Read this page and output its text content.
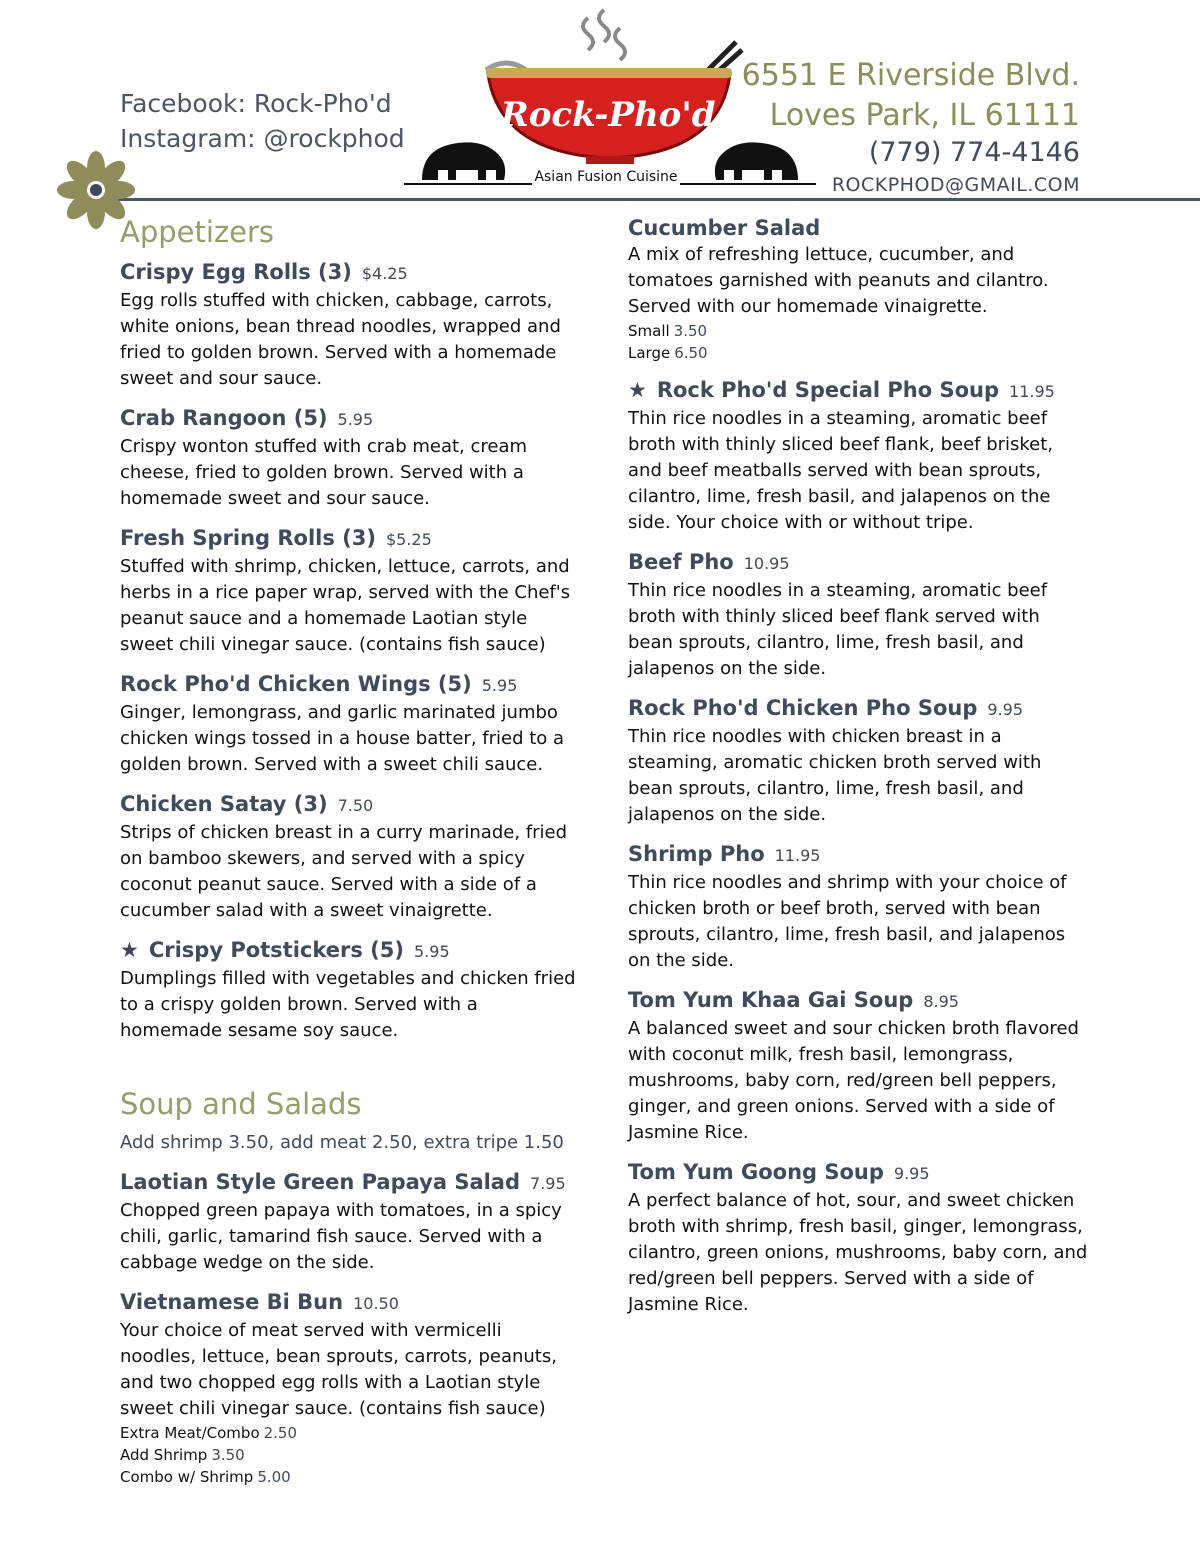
Facebook: Rock-Pho'd
Instagram: @rockphod
Rock-Pho'd
Asian Fusion Cuisine
6551 E Riverside Blvd.
Loves Park, IL 61111
(779) 774-4146
ROCKPHOD@GMAIL.COM
Appetizers
Crispy Egg Rolls (3) $4.25
Egg rolls stuffed with chicken, cabbage, carrots, white onions, bean thread noodles, wrapped and fried to golden brown. Served with a homemade sweet and sour sauce.
Crab Rangoon (5) 5.95
Crispy wonton stuffed with crab meat, cream cheese, fried to golden brown. Served with a homemade sweet and sour sauce.
Fresh Spring Rolls (3) $5.25
Stuffed with shrimp, chicken, lettuce, carrots, and herbs in a rice paper wrap, served with the Chef's peanut sauce and a homemade Laotian style sweet chili vinegar sauce. (contains fish sauce)
Rock Pho'd Chicken Wings (5) 5.95
Ginger, lemongrass, and garlic marinated jumbo chicken wings tossed in a house batter, fried to a golden brown. Served with a sweet chili sauce.
Chicken Satay (3) 7.50
Strips of chicken breast in a curry marinade, fried on bamboo skewers, and served with a spicy coconut peanut sauce. Served with a side of a cucumber salad with a sweet vinaigrette.
★ Crispy Potstickers (5) 5.95
Dumplings filled with vegetables and chicken fried to a crispy golden brown. Served with a homemade sesame soy sauce.
Soup and Salads
Add shrimp 3.50, add meat 2.50, extra tripe 1.50
Laotian Style Green Papaya Salad 7.95
Chopped green papaya with tomatoes, in a spicy chili, garlic, tamarind fish sauce. Served with a cabbage wedge on the side.
Vietnamese Bi Bun 10.50
Your choice of meat served with vermicelli noodles, lettuce, bean sprouts, carrots, peanuts, and two chopped egg rolls with a Laotian style sweet chili vinegar sauce. (contains fish sauce)
Extra Meat/Combo 2.50
Add Shrimp 3.50
Combo w/ Shrimp 5.00
Cucumber Salad
A mix of refreshing lettuce, cucumber, and tomatoes garnished with peanuts and cilantro. Served with our homemade vinaigrette.
Small 3.50
Large 6.50
★ Rock Pho'd Special Pho Soup 11.95
Thin rice noodles in a steaming, aromatic beef broth with thinly sliced beef flank, beef brisket, and beef meatballs served with bean sprouts, cilantro, lime, fresh basil, and jalapenos on the side. Your choice with or without tripe.
Beef Pho 10.95
Thin rice noodles in a steaming, aromatic beef broth with thinly sliced beef flank served with bean sprouts, cilantro, lime, fresh basil, and jalapenos on the side.
Rock Pho'd Chicken Pho Soup 9.95
Thin rice noodles with chicken breast in a steaming, aromatic chicken broth served with bean sprouts, cilantro, lime, fresh basil, and jalapenos on the side.
Shrimp Pho 11.95
Thin rice noodles and shrimp with your choice of chicken broth or beef broth, served with bean sprouts, cilantro, lime, fresh basil, and jalapenos on the side.
Tom Yum Khaa Gai Soup 8.95
A balanced sweet and sour chicken broth flavored with coconut milk, fresh basil, lemongrass, mushrooms, baby corn, red/green bell peppers, ginger, and green onions. Served with a side of Jasmine Rice.
Tom Yum Goong Soup 9.95
A perfect balance of hot, sour, and sweet chicken broth with shrimp, fresh basil, ginger, lemongrass, cilantro, green onions, mushrooms, baby corn, and red/green bell peppers. Served with a side of Jasmine Rice.
